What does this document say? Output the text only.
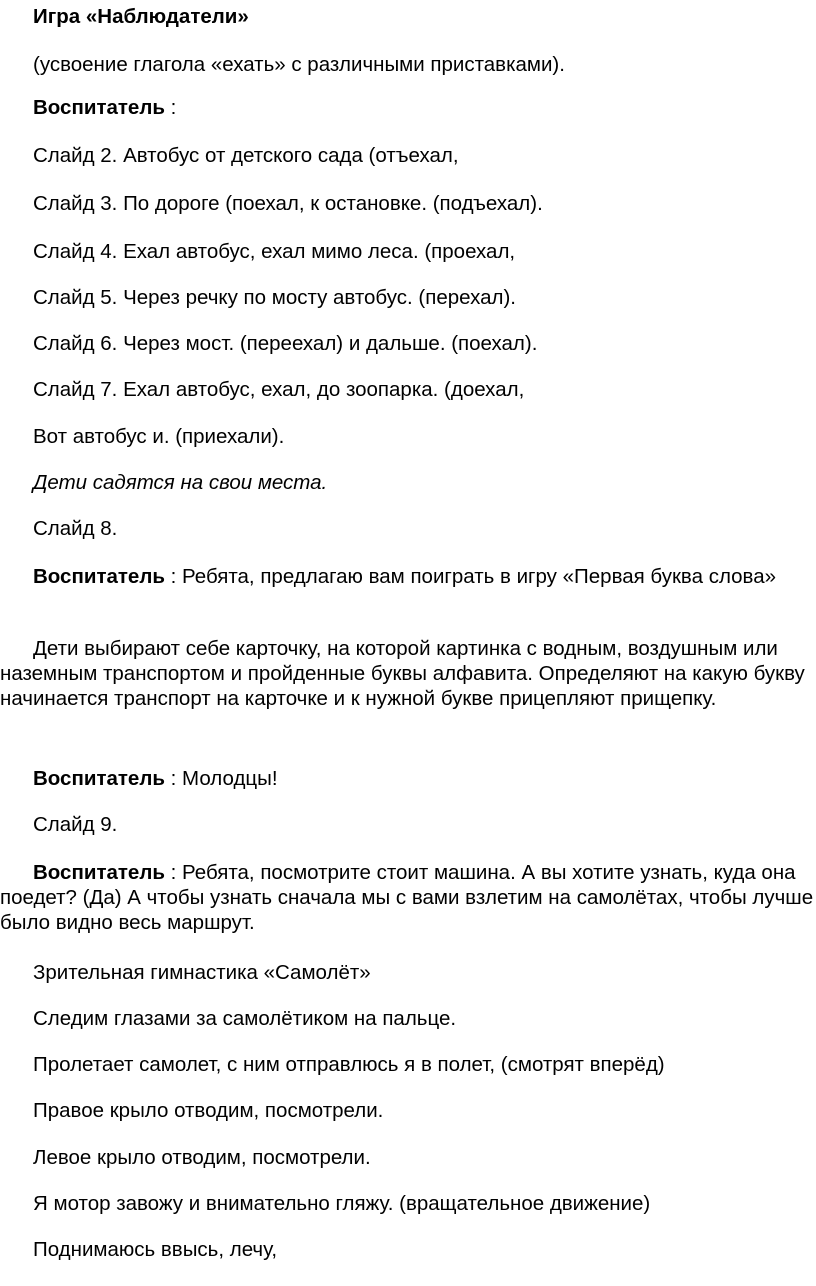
Игра «Наблюдатели»

(усвоение глагола «ехать» с различными приставками).

Воспитатель :

Слайд 2. Автобус от детского сада (отъехал,

Слайд 3. По дороге (поехал, к остановке. (подъехал).

Слайд 4. Ехал автобус, ехал мимо леса. (проехал,

Слайд 5. Через речку по мосту автобус. (перехал).

Слайд 6. Через мост. (переехал) и дальше. (поехал).

Слайд 7. Ехал автобус, ехал, до зоопарка. (доехал,

Вот автобус и. (приехали).

Дети садятся на свои места.

Слайд 8.

Воспитатель : Ребята, предлагаю вам поиграть в игру «Первая буква слова»

Дети выбирают себе карточку, на которой картинка с водным, воздушным или наземным транспортом и пройденные буквы алфавита. Определяют на какую букву начинается транспорт на карточке и к нужной букве прицепляют прищепку.

Воспитатель : Молодцы!

Слайд 9.

Воспитатель : Ребята, посмотрите стоит машина. А вы хотите узнать, куда она поедет? (Да) А чтобы узнать сначала мы с вами взлетим на самолётах, чтобы лучше было видно весь маршрут.

Зрительная гимнастика «Самолёт»

Следим глазами за самолётиком на пальце.

Пролетает самолет, с ним отправлюсь я в полет, (смотрят вперёд)

Правое крыло отводим, посмотрели.

Левое крыло отводим, посмотрели.

Я мотор завожу и внимательно гляжу. (вращательное движение)

Поднимаюсь ввысь, лечу,
